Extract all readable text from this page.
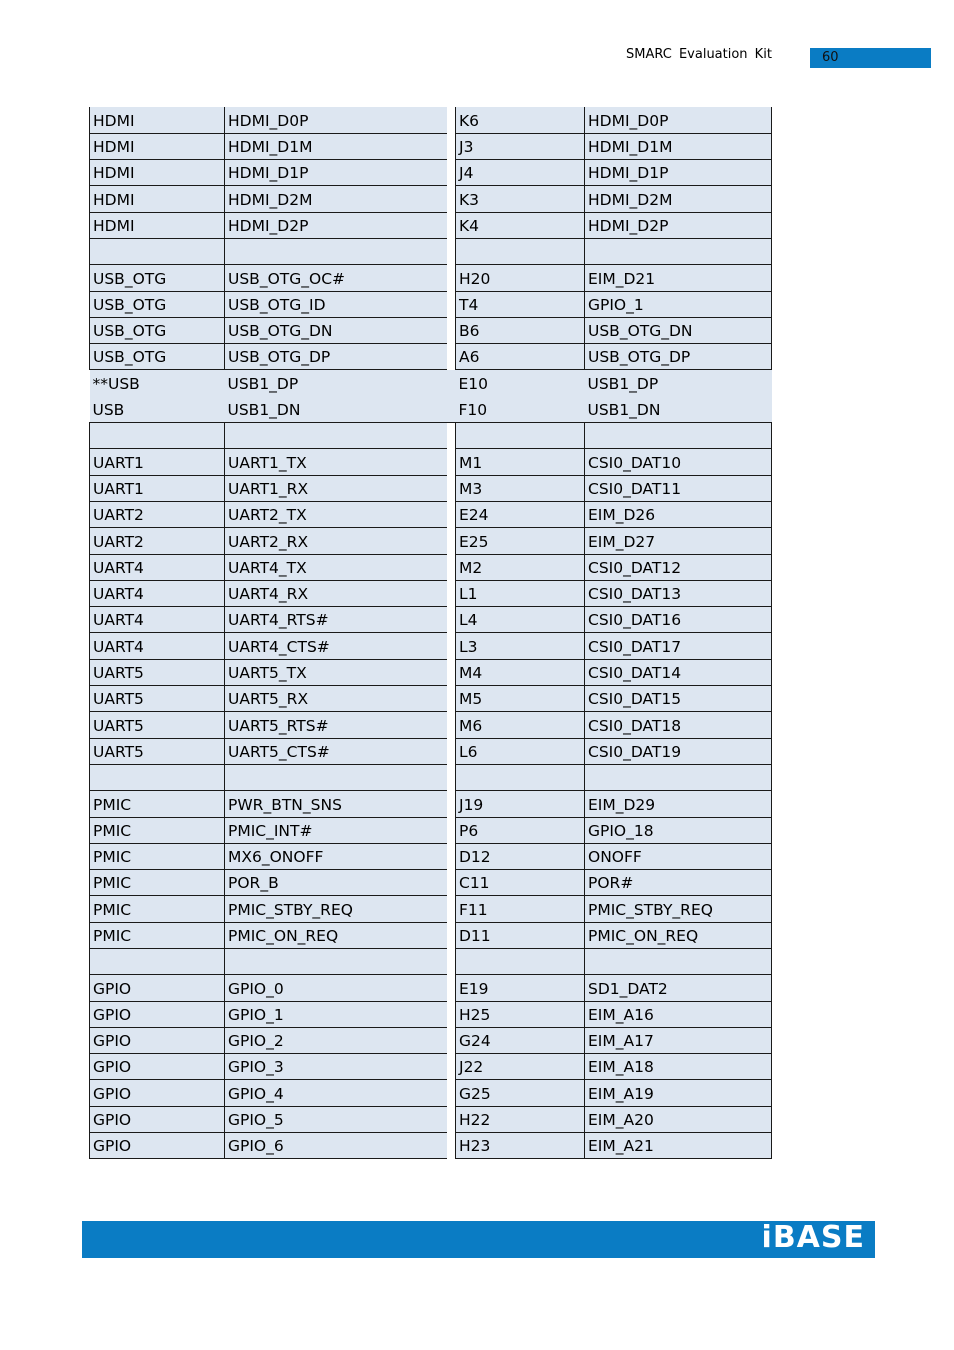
SMARC Evaluation Kit	60
HDMI	HDMI_D0P		K6	HDMI_D0P
HDMI	HDMI_D1M		J3	HDMI_D1M
HDMI	HDMI_D1P		J4	HDMI_D1P
HDMI	HDMI_D2M		K3	HDMI_D2M
HDMI	HDMI_D2P		K4	HDMI_D2P

USB_OTG	USB_OTG_OC#		H20	EIM_D21
USB_OTG	USB_OTG_ID		T4	GPIO_1
USB_OTG	USB_OTG_DN		B6	USB_OTG_DN
USB_OTG	USB_OTG_DP		A6	USB_OTG_DP
**USB	USB1_DP		E10	USB1_DP
USB	USB1_DN		F10	USB1_DN

UART1	UART1_TX		M1	CSI0_DAT10
UART1	UART1_RX		M3	CSI0_DAT11
UART2	UART2_TX		E24	EIM_D26
UART2	UART2_RX		E25	EIM_D27
UART4	UART4_TX		M2	CSI0_DAT12
UART4	UART4_RX		L1	CSI0_DAT13
UART4	UART4_RTS#		L4	CSI0_DAT16
UART4	UART4_CTS#		L3	CSI0_DAT17
UART5	UART5_TX		M4	CSI0_DAT14
UART5	UART5_RX		M5	CSI0_DAT15
UART5	UART5_RTS#		M6	CSI0_DAT18
UART5	UART5_CTS#		L6	CSI0_DAT19

PMIC	PWR_BTN_SNS		J19	EIM_D29
PMIC	PMIC_INT#		P6	GPIO_18
PMIC	MX6_ONOFF		D12	ONOFF
PMIC	POR_B		C11	POR#
PMIC	PMIC_STBY_REQ		F11	PMIC_STBY_REQ
PMIC	PMIC_ON_REQ		D11	PMIC_ON_REQ

GPIO	GPIO_0		E19	SD1_DAT2
GPIO	GPIO_1		H25	EIM_A16
GPIO	GPIO_2		G24	EIM_A17
GPIO	GPIO_3		J22	EIM_A18
GPIO	GPIO_4		G25	EIM_A19
GPIO	GPIO_5		H22	EIM_A20
GPIO	GPIO_6		H23	EIM_A21
iBASE
